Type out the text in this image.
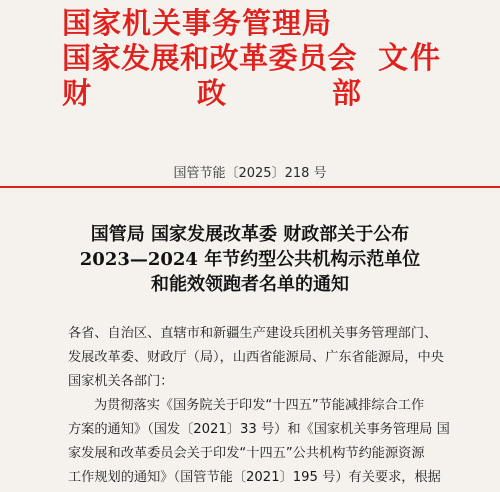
国家机关事务管理局
国家发展和改革委员会
财	政	部
文件
国管节能〔2025〕218 号
国管局 国家发展改革委 财政部关于公布
2023—2024 年节约型公共机构示范单位
和能效领跑者名单的通知
各省、自治区、直辖市和新疆生产建设兵团机关事务管理部门、
发展改革委、财政厅（局），山西省能源局、广东省能源局，中央
国家机关各部门：
为贯彻落实《国务院关于印发“十四五”节能减排综合工作
方案的通知》（国发〔2021〕33 号）和《国家机关事务管理局 国
家发展和改革委员会关于印发“十四五”公共机构节约能源资源
工作规划的通知》（国管节能〔2021〕195 号）有关要求，根据
